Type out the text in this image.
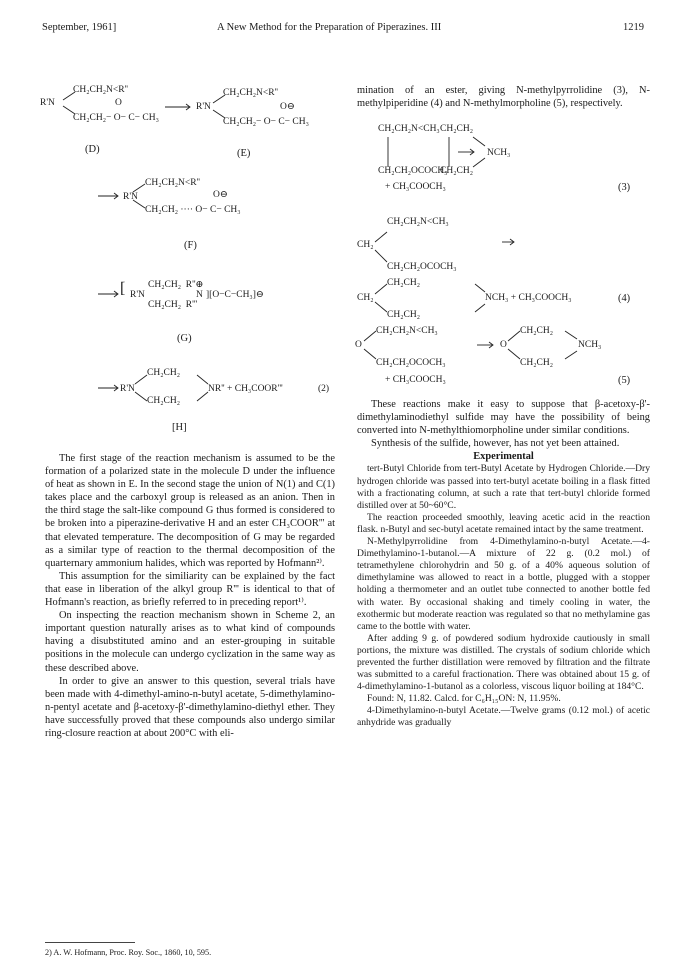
September, 1961]	A New Method for the Preparation of Piperazines. III	1219
R'N
CH₂CH₂N<R''
CH₂CH₂− O− C− CH₃
O
(D)
R'N
CH₂CH₂N<R''
CH₂CH₂− O− C− CH₃
O⊖
(E)
R'N
CH₂CH₂N<R''
CH₂CH₂ ···· O− C− CH₃
O⊖
(F)
[ R'N
CH₂CH₂  R''⊕
CH₂CH₂  R'''
N ][O−C−CH₃]⊖
(G)
R'N
CH₂CH₂
CH₂CH₂
NR'' + CH₃COOR'''	(2)
[H]

The first stage of the reaction mechanism is assumed to be the formation of a polarized state in the molecule D under the influence of heat as shown in E. In the second stage the union of N(1) and C(1) takes place and the carboxyl group is released as an anion. Then in the third stage the salt-like compound G thus formed is considered to be broken into a piperazine-derivative H and an ester CH₃COOR''' at that elevated temperature. The decomposition of G may be regarded as a similar type of reaction to the thermal decomposition of the quarternary ammonium halides, which was reported by Hofmann²⁾.

This assumption for the similiarity can be explained by the fact that ease in liberation of the alkyl group R''' is identical to that of Hofmann's reaction, as briefly referred to in preceding report¹⁾.

On inspecting the reaction mechanism shown in Scheme 2, an important question naturally arises as to what kind of compounds having a disubstituted amino and an ester-grouping in suitable positions in the molecule can undergo cyclization in the same way as these described above.

In order to give an answer to this question, several trials have been made with 4-dimethyl-amino-n-butyl acetate, 5-dimethylamino-n-pentyl acetate and β-acetoxy-β'-dimethylamino-diethyl ether. They have successfully proved that these compounds also undergo similar ring-closure reaction at about 200°C with eli-

2) A. W. Hofmann, Proc. Roy. Soc., 1860, 10, 595.

mination of an ester, giving N-methylpyrrolidine (3), N-methylpiperidine (4) and N-methylmorpholine (5), respectively.

CH₂CH₂N<CH₃
CH₂CH₂OCOCH₃
CH₂CH₂
CH₂CH₂
NCH₃
+ CH₃COOCH₃	(3)
CH₂CH₂N<CH₃
CH₂
CH₂CH₂OCOCH₃
CH₂CH₂
CH₂
CH₂CH₂
NCH₃ + CH₃COOCH₃	(4)
CH₂CH₂N<CH₃
O
CH₂CH₂OCOCH₃
O
CH₂CH₂
CH₂CH₂
NCH₃
+ CH₃COOCH₃	(5)

These reactions make it easy to suppose that β-acetoxy-β'-dimethylaminodiethyl sulfide may have the possibility of being converted into N-methylthiomorpholine under similar conditions.

Synthesis of the sulfide, however, has not yet been attained.

Experimental

tert-Butyl Chloride from tert-Butyl Acetate by Hydrogen Chloride.—Dry hydrogen chloride was passed into tert-butyl acetate boiling in a flask fitted with a fractionating column, at such a rate that tert-butyl chloride formed distilled over at 50~60°C.

The reaction proceeded smoothly, leaving acetic acid in the reaction flask. n-Butyl and sec-butyl acetate remained intact by the same treatment.

N-Methylpyrrolidine from 4-Dimethylamino-n-butyl Acetate.—4-Dimethylamino-1-butanol.—A mixture of 22 g. (0.2 mol.) of tetramethylene chlorohydrin and 50 g. of a 40% aqueous solution of dimethylamine was allowed to react in a bottle, plugged with a stopper holding a thermometer and an outlet tube connected to another bottle fed with water. By occasional shaking and timely cooling in water, the exothermic but moderate reaction was regulated so that no methylamine gas came to the bottle with water.

After adding 9 g. of powdered sodium hydroxide cautiously in small portions, the mixture was distilled. The crystals of sodium chloride which prevented the further distillation were removed by filtration and the filtrate was submitted to a careful fractionation. There was obtained about 15 g. of 4-dimethylamino-1-butanol as a colorless, viscous liquor boiling at 184°C.

Found: N, 11.82. Calcd. for C₆H₁₅ON: N, 11.95%.

4-Dimethylamino-n-butyl Acetate.—Twelve grams (0.12 mol.) of acetic anhydride was gradually
